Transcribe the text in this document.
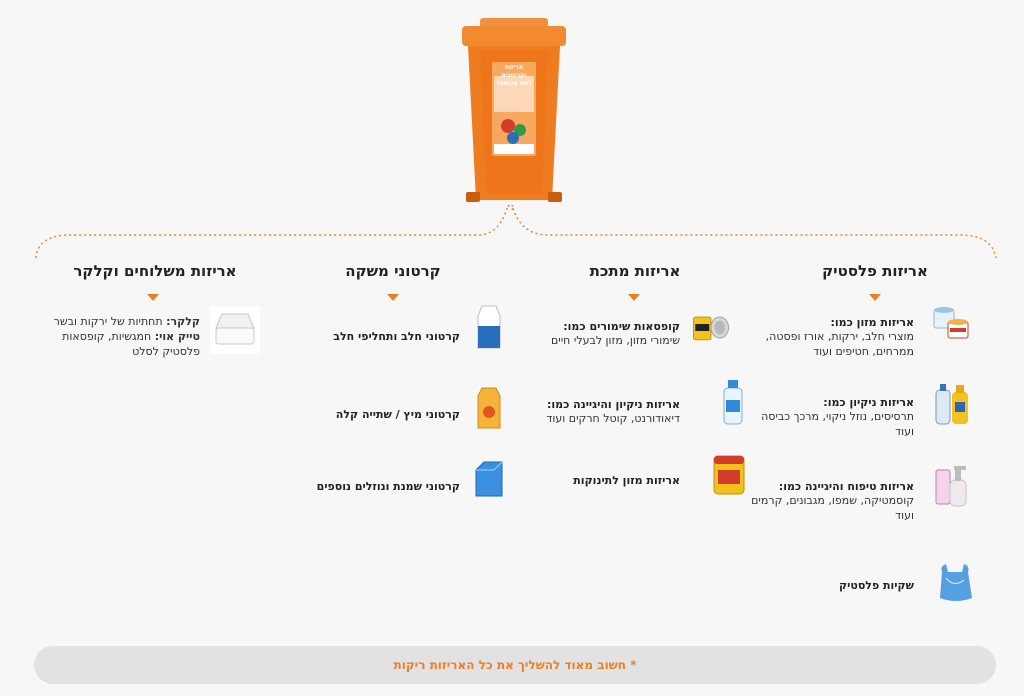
אריזות וקרטונים
למה הכתום?
אריזות פלסטיק
אריזות מזון כמו:
מוצרי חלב, ירקות, אורז ופסטה, ממרחים, חטיפים ועוד
אריזות ניקיון כמו:
תרסיסים, נוזל ניקוי, מרכך כביסה ועוד
אריזות טיפוח והיגיינה כמו:
קוסמטיקה, שמפו, מגבונים, קרמים ועוד
שקיות פלסטיק
אריזות מתכת
קופסאות שימורים כמו:
שימורי מזון, מזון לבעלי חיים
אריזות ניקיון והיגיינה כמו:
דיאודורנט, קוטל חרקים ועוד
אריזות מזון לתינוקות
קרטוני משקה
קרטוני חלב ותחליפי חלב
קרטוני מיץ / שתייה קלה
קרטוני שמנת ונוזלים נוספים
אריזות משלוחים וקלקר
קלקר: תחתיות של ירקות ובשר
טייק אוי: חמגשיות, קופסאות
פלסטיק לסלט
* חשוב מאוד להשליך את כל האריזות ריקות
